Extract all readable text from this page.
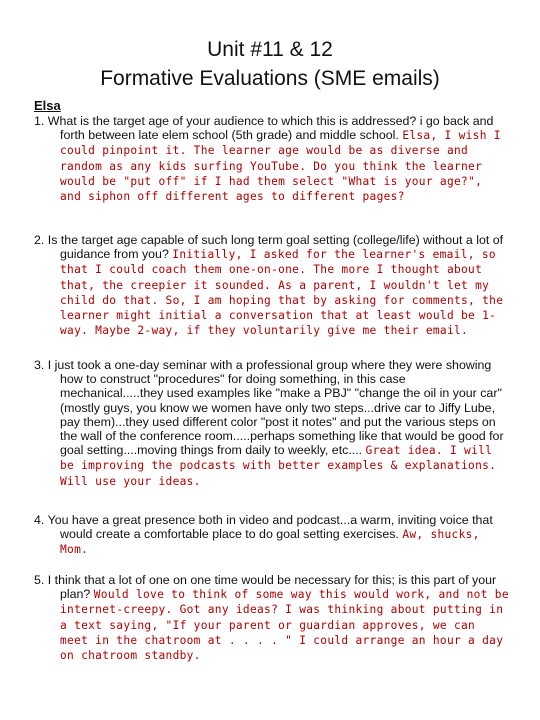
Unit #11 & 12
Formative Evaluations (SME emails)
Elsa
1. What is the target age of your audience to which this is addressed? i go back and forth between late elem school (5th grade) and middle school. Elsa, I wish I could pinpoint it. The learner age would be as diverse and random as any kids surfing YouTube. Do you think the learner would be "put off" if I had them select "What is your age?", and siphon off different ages to different pages?
2. Is the target age capable of such long term goal setting (college/life) without a lot of guidance from you? Initially, I asked for the learner's email, so that I could coach them one-on-one. The more I thought about that, the creepier it sounded. As a parent, I wouldn't let my child do that. So, I am hoping that by asking for comments, the learner might initial a conversation that at least would be 1-way. Maybe 2-way, if they voluntarily give me their email.
3. I just took a one-day seminar with a professional group where they were showing how to construct "procedures" for doing something, in this case mechanical.....they used examples like "make a PBJ" "change the oil in your car" (mostly guys, you know we women have only two steps...drive car to Jiffy Lube, pay them)...they used different color "post it notes" and put the various steps on the wall of the conference room.....perhaps something like that would be good for goal setting....moving things from daily to weekly, etc.... Great idea. I will be improving the podcasts with better examples & explanations. Will use your ideas.
4. You have a great presence both in video and podcast...a warm, inviting voice that would create a comfortable place to do goal setting exercises. Aw, shucks, Mom.
5. I think that a lot of one on one time would be necessary for this; is this part of your plan? Would love to think of some way this would work, and not be internet-creepy. Got any ideas? I was thinking about putting in a text saying, "If your parent or guardian approves, we can meet in the chatroom at . . . . " I could arrange an hour a day on chatroom standby.
